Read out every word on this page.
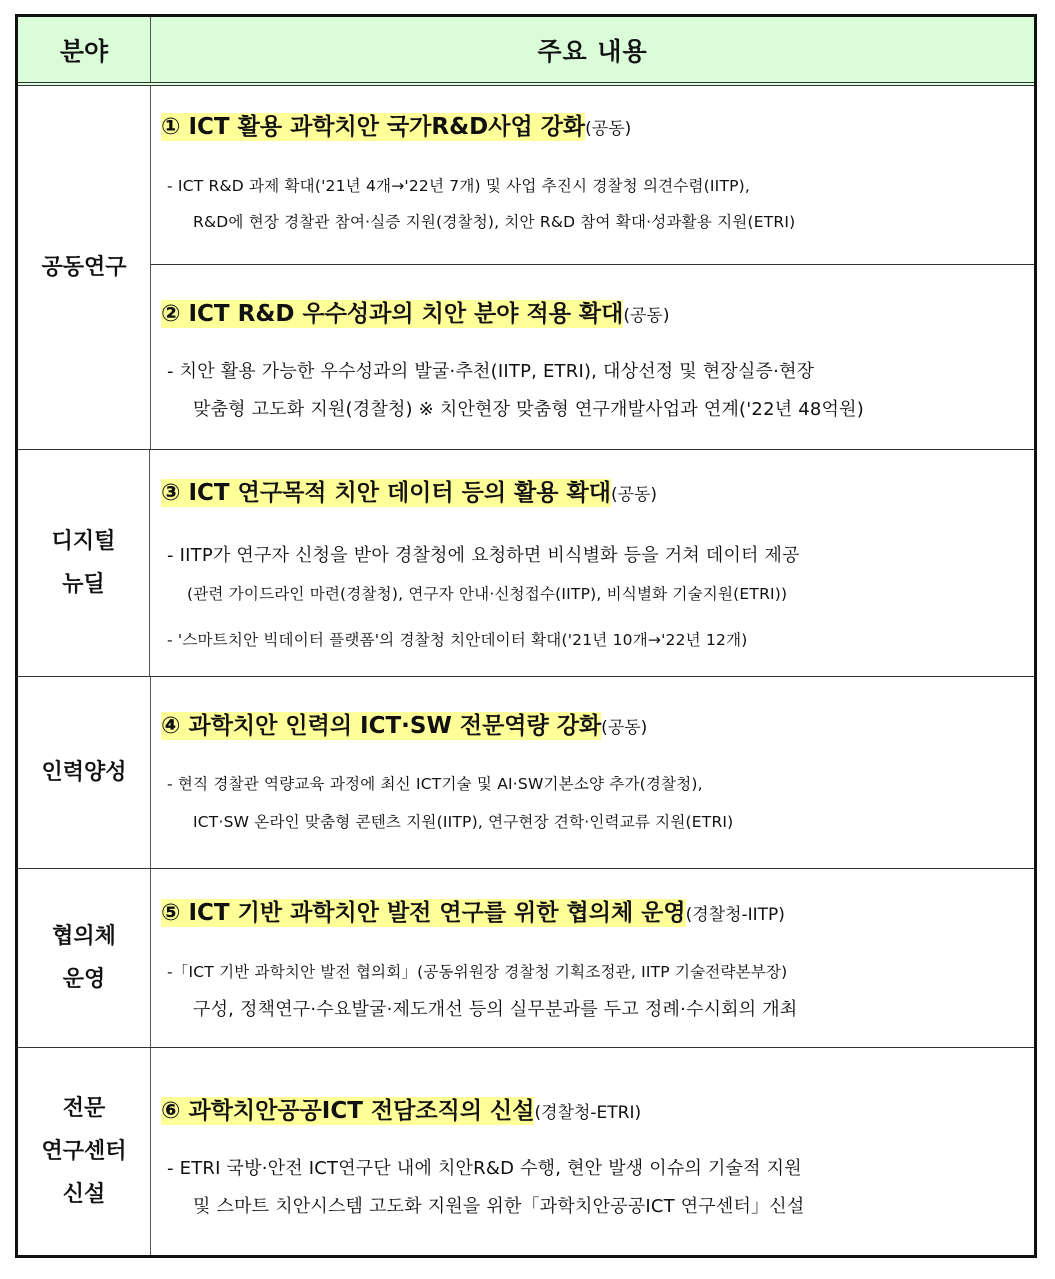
분야	주요 내용
공동연구
① ICT 활용 과학치안 국가R&D사업 강화(공동)
- ICT R&D 과제 확대('21년 4개→'22년 7개) 및 사업 추진시 경찰청 의견수렴(IITP),
R&D에 현장 경찰관 참여·실증 지원(경찰청), 치안 R&D 참여 확대·성과활용 지원(ETRI)
② ICT R&D 우수성과의 치안 분야 적용 확대(공동)
- 치안 활용 가능한 우수성과의 발굴·추천(IITP, ETRI), 대상선정 및 현장실증·현장
맞춤형 고도화 지원(경찰청) ※ 치안현장 맞춤형 연구개발사업과 연계('22년 48억원)
디지털
뉴딜
③ ICT 연구목적 치안 데이터 등의 활용 확대(공동)
- IITP가 연구자 신청을 받아 경찰청에 요청하면 비식별화 등을 거쳐 데이터 제공
(관련 가이드라인 마련(경찰청), 연구자 안내·신청접수(IITP), 비식별화 기술지원(ETRI))
- '스마트치안 빅데이터 플랫폼'의 경찰청 치안데이터 확대('21년 10개→'22년 12개)
인력양성
④ 과학치안 인력의 ICT·SW 전문역량 강화(공동)
- 현직 경찰관 역량교육 과정에 최신 ICT기술 및 AI·SW기본소양 추가(경찰청),
ICT·SW 온라인 맞춤형 콘텐츠 지원(IITP), 연구현장 견학·인력교류 지원(ETRI)
협의체
운영
⑤ ICT 기반 과학치안 발전 연구를 위한 협의체 운영(경찰청-IITP)
-「ICT 기반 과학치안 발전 협의회」(공동위원장 경찰청 기획조정관, IITP 기술전략본부장)
구성, 정책연구·수요발굴·제도개선 등의 실무분과를 두고 정례·수시회의 개최
전문
연구센터
신설
⑥ 과학치안공공ICT 전담조직의 신설(경찰청-ETRI)
- ETRI 국방·안전 ICT연구단 내에 치안R&D 수행, 현안 발생 이슈의 기술적 지원
및 스마트 치안시스템 고도화 지원을 위한「과학치안공공ICT 연구센터」신설
